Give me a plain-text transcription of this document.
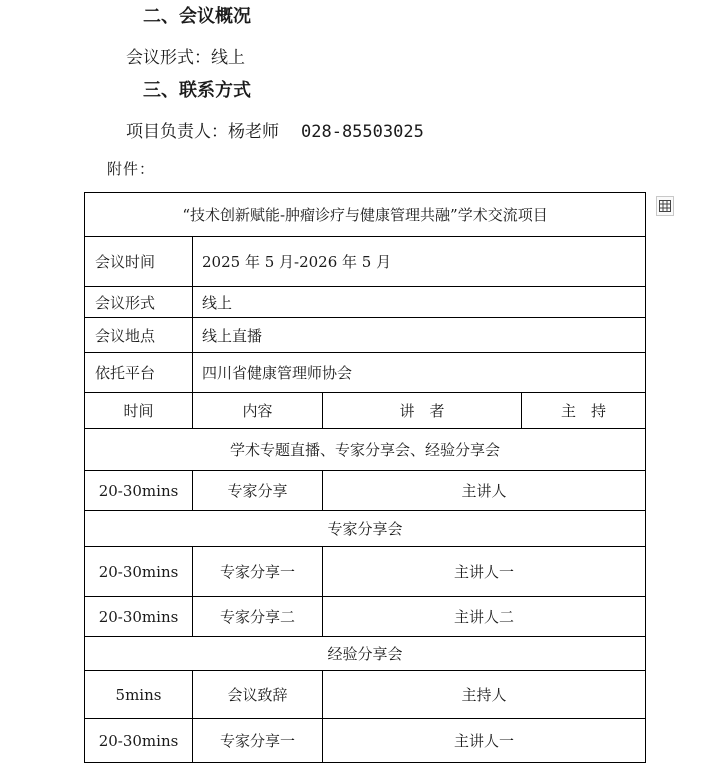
二、会议概况
会议形式：线上
三、联系方式
项目负责人：杨老师 028-85503025
附件：
“技术创新赋能-肿瘤诊疗与健康管理共融”学术交流项目			
会议时间	2025 年 5 月-2026 年 5 月		
会议形式	线上		
会议地点	线上直播		
依托平台	四川省健康管理师协会		
时间	内容	讲　者	主　持
学术专题直播、专家分享会、经验分享会			
20-30mins	专家分享	主讲人	
专家分享会			
20-30mins	专家分享一	主讲人一	
20-30mins	专家分享二	主讲人二	
经验分享会			
5mins	会议致辞	主持人	
20-30mins	专家分享一	主讲人一	
